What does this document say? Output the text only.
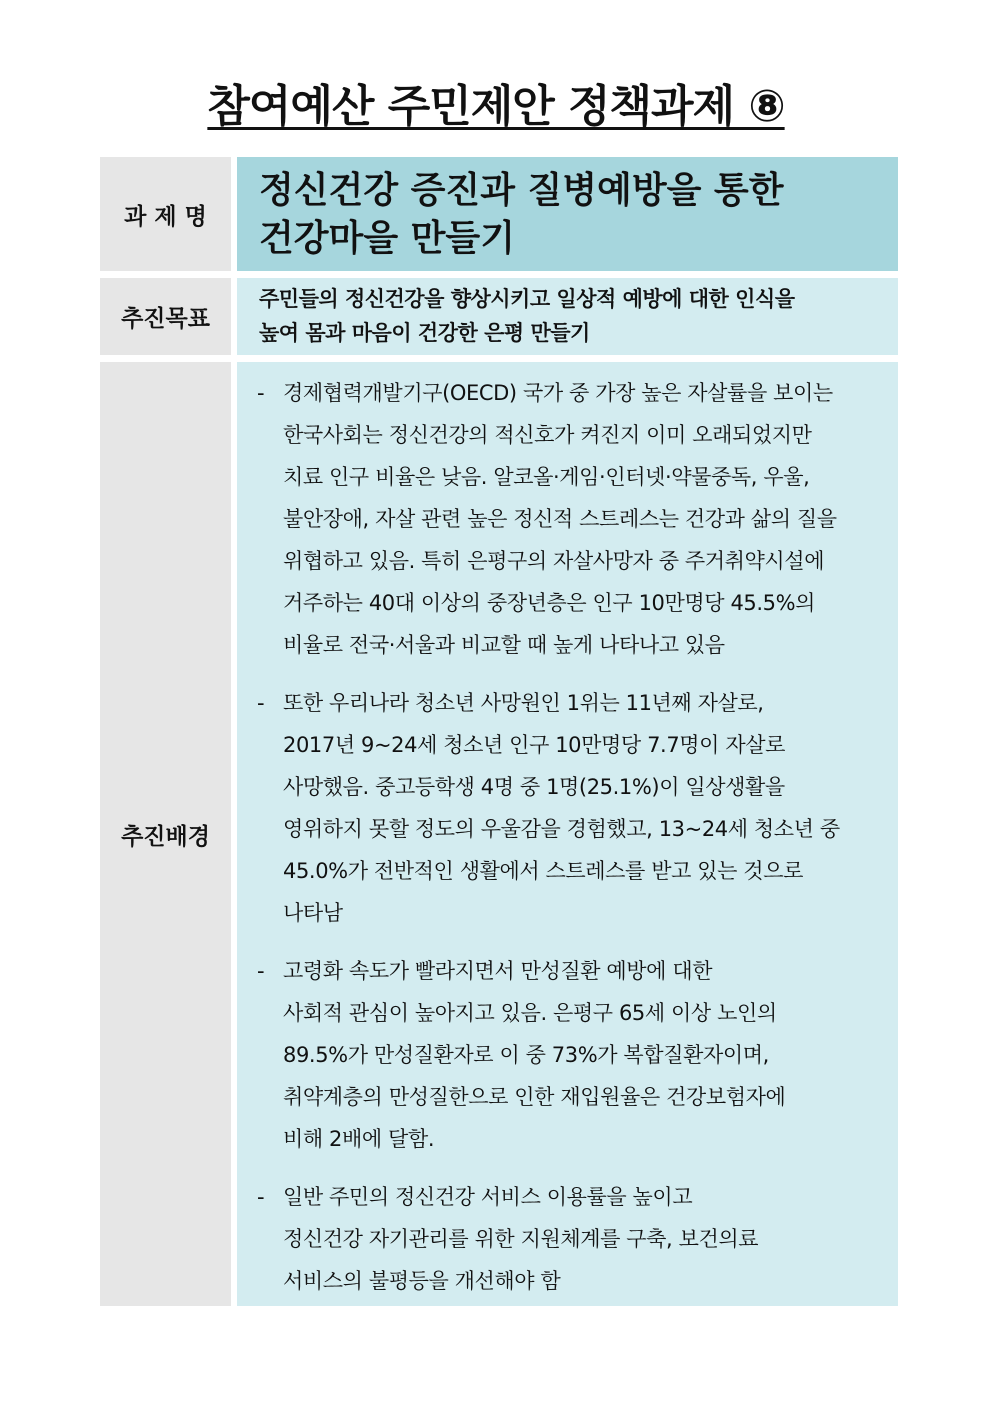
참여예산 주민제안 정책과제 ⑧
과 제 명
정신건강 증진과 질병예방을 통한
건강마을 만들기
추진목표
주민들의 정신건강을 향상시키고 일상적 예방에 대한 인식을
높여 몸과 마음이 건강한 은평 만들기
추진배경
- 경제협력개발기구(OECD) 국가 중 가장 높은 자살률을 보이는
한국사회는 정신건강의 적신호가 켜진지 이미 오래되었지만
치료 인구 비율은 낮음. 알코올·게임·인터넷·약물중독, 우울,
불안장애, 자살 관련 높은 정신적 스트레스는 건강과 삶의 질을
위협하고 있음. 특히 은평구의 자살사망자 중 주거취약시설에
거주하는 40대 이상의 중장년층은 인구 10만명당 45.5%의
비율로 전국·서울과 비교할 때 높게 나타나고 있음
- 또한 우리나라 청소년 사망원인 1위는 11년째 자살로,
2017년 9~24세 청소년 인구 10만명당 7.7명이 자살로
사망했음. 중고등학생 4명 중 1명(25.1%)이 일상생활을
영위하지 못할 정도의 우울감을 경험했고, 13~24세 청소년 중
45.0%가 전반적인 생활에서 스트레스를 받고 있는 것으로
나타남
- 고령화 속도가 빨라지면서 만성질환 예방에 대한
사회적 관심이 높아지고 있음. 은평구 65세 이상 노인의
89.5%가 만성질환자로 이 중 73%가 복합질환자이며,
취약계층의 만성질한으로 인한 재입원율은 건강보험자에
비해 2배에 달함.
- 일반 주민의 정신건강 서비스 이용률을 높이고
정신건강 자기관리를 위한 지원체계를 구축, 보건의료
서비스의 불평등을 개선해야 함
